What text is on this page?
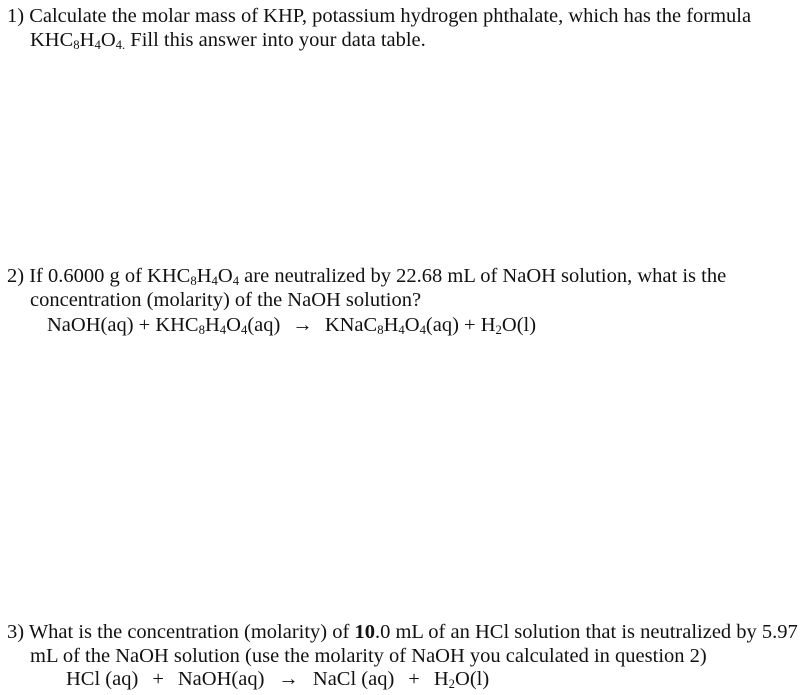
1) Calculate the molar mass of KHP, potassium hydrogen phthalate, which has the formula
$KHC_8H_4O_{4.}$ Fill this answer into your data table.
2) If 0.6000 g of $KHC_8H_4O_4$ are neutralized by 22.68 mL of NaOH solution, what is the
concentration (molarity) of the NaOH solution?
NaOH(aq) + $KHC_8H_4O_4(aq)$ → $KNaC_8H_4O_4(aq) + H_2O(l)$
3) What is the concentration (molarity) of 10.0 mL of an HCl solution that is neutralized by 5.97
mL of the NaOH solution (use the molarity of NaOH you calculated in question 2)
HCl (aq) + NaOH(aq) → NaCl $(aq) + H_2O(l)$
